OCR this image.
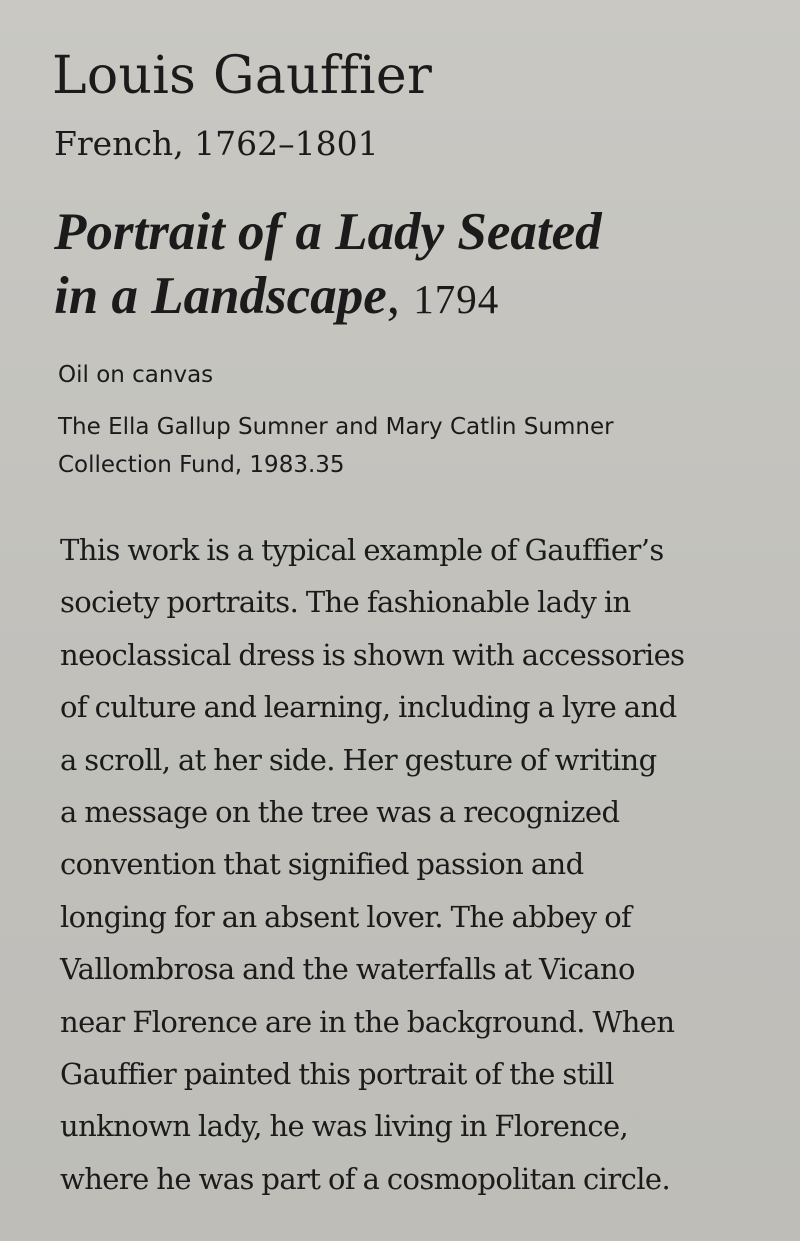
Louis Gauffier

French, 1762–1801

Portrait of a Lady Seated
in a Landscape, 1794

Oil on canvas

The Ella Gallup Sumner and Mary Catlin Sumner
Collection Fund, 1983.35

This work is a typical example of Gauffier’s
society portraits. The fashionable lady in
neoclassical dress is shown with accessories
of culture and learning, including a lyre and
a scroll, at her side. Her gesture of writing
a message on the tree was a recognized
convention that signified passion and
longing for an absent lover. The abbey of
Vallombrosa and the waterfalls at Vicano
near Florence are in the background. When
Gauffier painted this portrait of the still
unknown lady, he was living in Florence,
where he was part of a cosmopolitan circle.
